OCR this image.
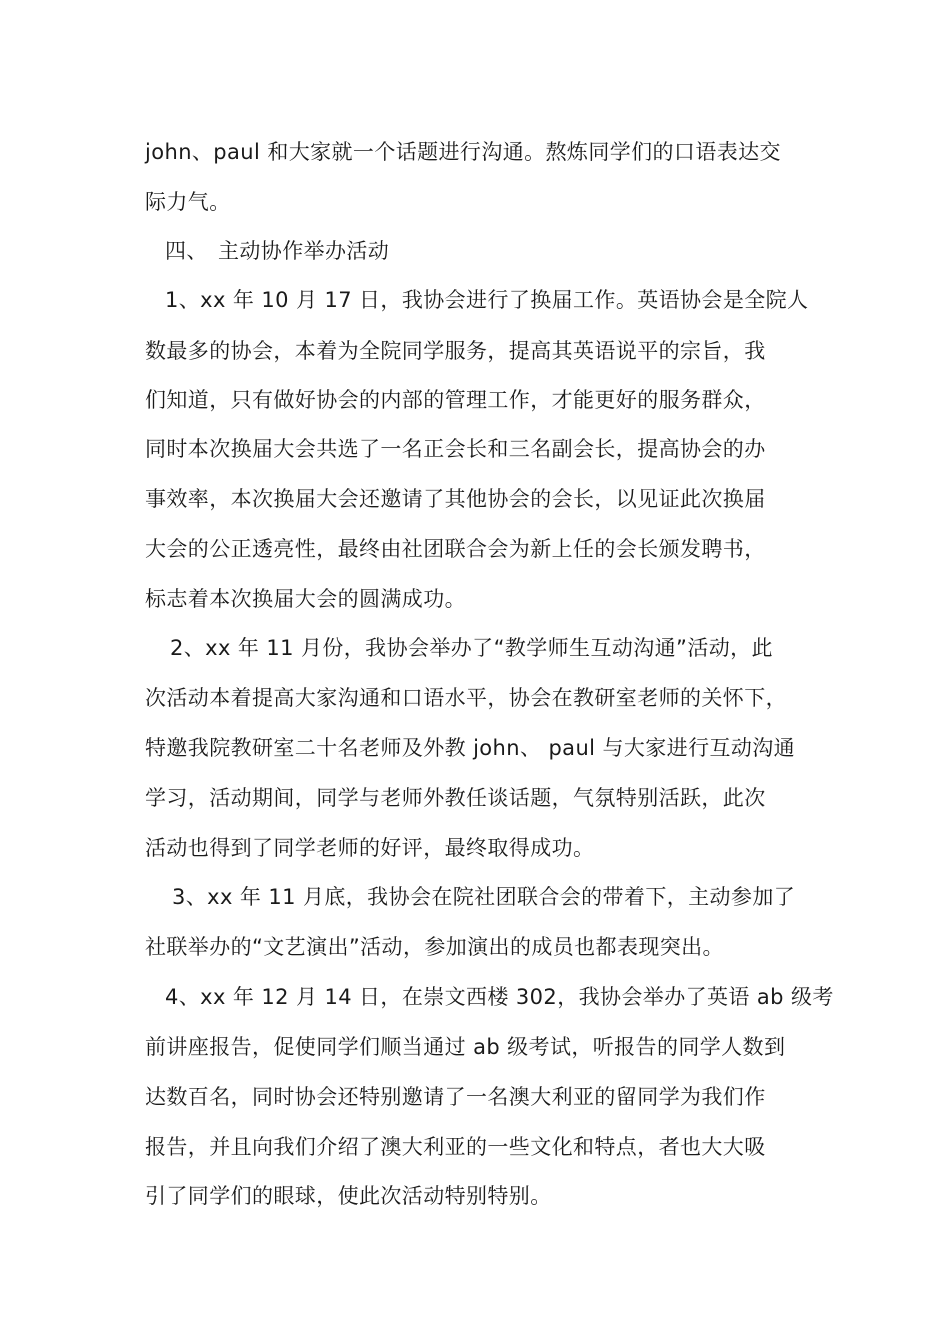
john、paul 和大家就一个话题进行沟通。熬炼同学们的口语表达交
际力气。
四、 主动协作举办活动
1、xx 年 10 月 17 日，我协会进行了换届工作。英语协会是全院人
数最多的协会，本着为全院同学服务，提高其英语说平的宗旨，我
们知道，只有做好协会的内部的管理工作，才能更好的服务群众，
同时本次换届大会共选了一名正会长和三名副会长，提高协会的办
事效率，本次换届大会还邀请了其他协会的会长，以见证此次换届
大会的公正透亮性，最终由社团联合会为新上任的会长颁发聘书，
标志着本次换届大会的圆满成功。
2、xx 年 11 月份，我协会举办了“教学师生互动沟通”活动，此
次活动本着提高大家沟通和口语水平，协会在教研室老师的关怀下，
特邀我院教研室二十名老师及外教 john、 paul 与大家进行互动沟通
学习，活动期间，同学与老师外教任谈话题，气氛特别活跃，此次
活动也得到了同学老师的好评，最终取得成功。
3、xx 年 11 月底，我协会在院社团联合会的带着下，主动参加了
社联举办的“文艺演出”活动，参加演出的成员也都表现突出。
4、xx 年 12 月 14 日，在崇文西楼 302，我协会举办了英语 ab 级考
前讲座报告，促使同学们顺当通过 ab 级考试，听报告的同学人数到
达数百名，同时协会还特别邀请了一名澳大利亚的留同学为我们作
报告，并且向我们介绍了澳大利亚的一些文化和特点，者也大大吸
引了同学们的眼球，使此次活动特别特别。
